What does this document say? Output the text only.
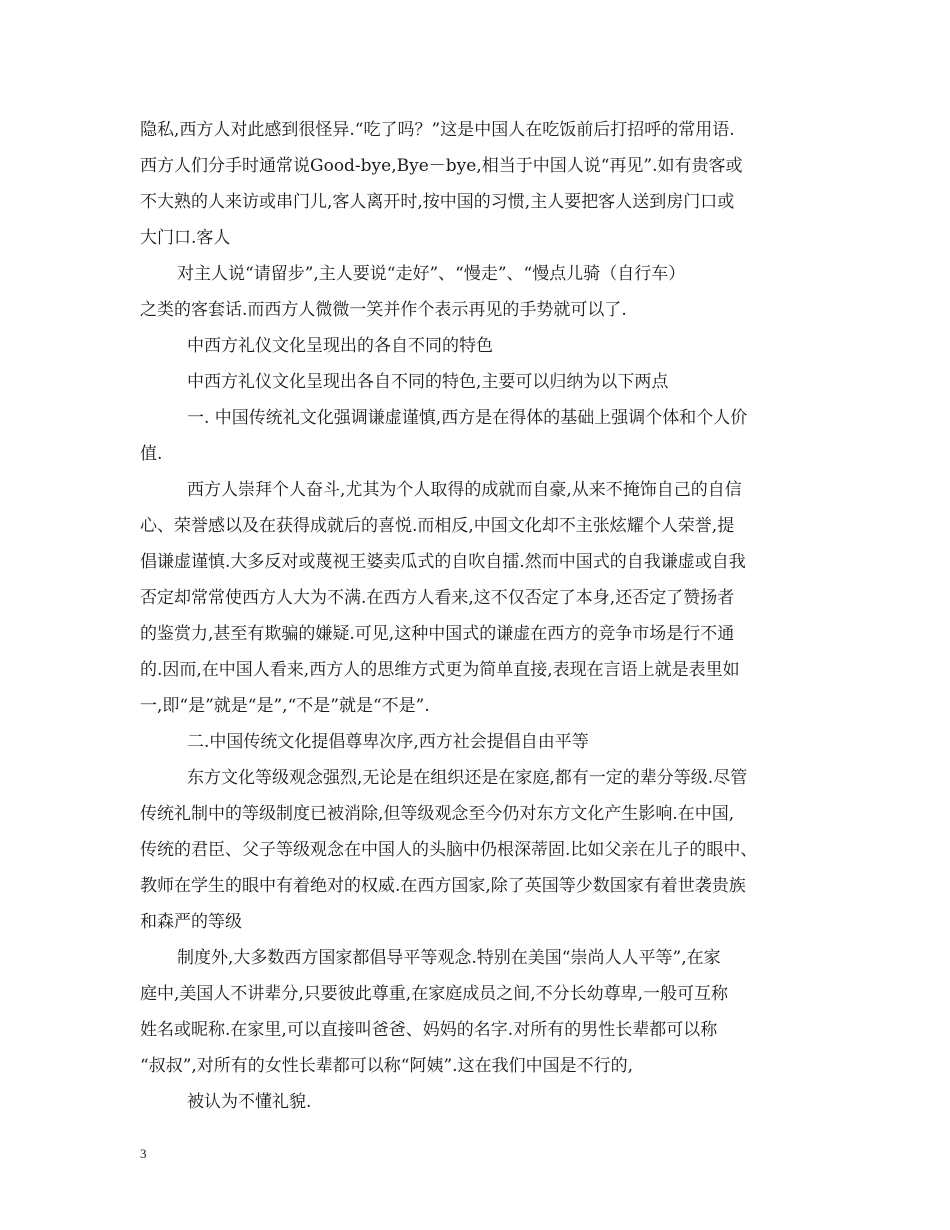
隐私,西方人对此感到很怪异.“吃了吗？”这是中国人在吃饭前后打招呼的常用语.
西方人们分手时通常说Good-bye,Bye－bye,相当于中国人说“再见”.如有贵客或
不大熟的人来访或串门儿,客人离开时,按中国的习惯,主人要把客人送到房门口或
大门口.客人
对主人说“请留步”,主人要说“走好”、“慢走”、“慢点儿骑（自行车）
之类的客套话.而西方人微微一笑并作个表示再见的手势就可以了.
中西方礼仪文化呈现出的各自不同的特色
中西方礼仪文化呈现出各自不同的特色,主要可以归纳为以下两点
一. 中国传统礼文化强调谦虚谨慎,西方是在得体的基础上强调个体和个人价
值.
西方人崇拜个人奋斗,尤其为个人取得的成就而自豪,从来不掩饰自己的自信
心、荣誉感以及在获得成就后的喜悦.而相反,中国文化却不主张炫耀个人荣誉,提
倡谦虚谨慎.大多反对或蔑视王婆卖瓜式的自吹自擂.然而中国式的自我谦虚或自我
否定却常常使西方人大为不满.在西方人看来,这不仅否定了本身,还否定了赞扬者
的鉴赏力,甚至有欺骗的嫌疑.可见,这种中国式的谦虚在西方的竞争市场是行不通
的.因而,在中国人看来,西方人的思维方式更为简单直接,表现在言语上就是表里如
一,即“是”就是“是”,“不是”就是“不是”.
二.中国传统文化提倡尊卑次序,西方社会提倡自由平等
东方文化等级观念强烈,无论是在组织还是在家庭,都有一定的辈分等级.尽管
传统礼制中的等级制度已被消除,但等级观念至今仍对东方文化产生影响.在中国,
传统的君臣、父子等级观念在中国人的头脑中仍根深蒂固.比如父亲在儿子的眼中、
教师在学生的眼中有着绝对的权威.在西方国家,除了英国等少数国家有着世袭贵族
和森严的等级
制度外,大多数西方国家都倡导平等观念.特别在美国“崇尚人人平等”,在家
庭中,美国人不讲辈分,只要彼此尊重,在家庭成员之间,不分长幼尊卑,一般可互称
姓名或昵称.在家里,可以直接叫爸爸、妈妈的名字.对所有的男性长辈都可以称
“叔叔”,对所有的女性长辈都可以称“阿姨”.这在我们中国是不行的,
被认为不懂礼貌.
3
